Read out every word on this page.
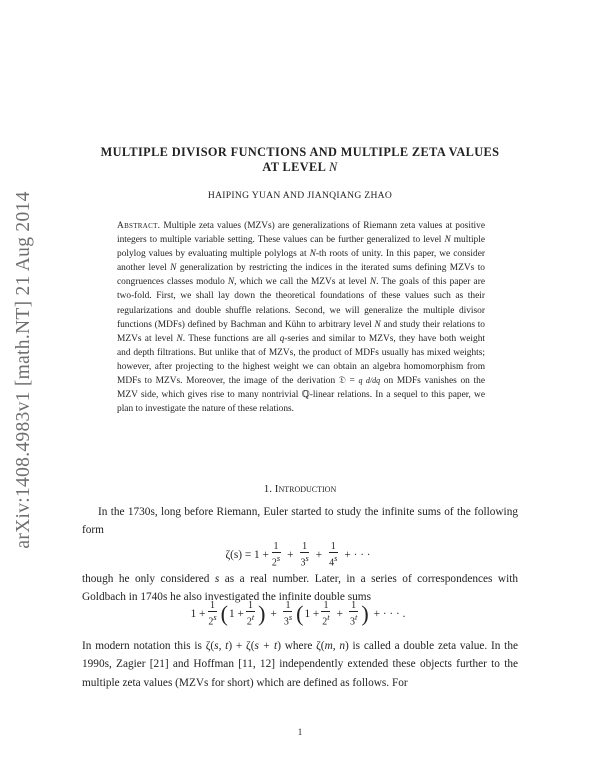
arXiv:1408.4983v1 [math.NT] 21 Aug 2014
MULTIPLE DIVISOR FUNCTIONS AND MULTIPLE ZETA VALUES
AT LEVEL N
HAIPING YUAN AND JIANQIANG ZHAO
Abstract. Multiple zeta values (MZVs) are generalizations of Riemann zeta values at positive integers to multiple variable setting. These values can be further generalized to level N multiple polylog values by evaluating multiple polylogs at N-th roots of unity. In this paper, we consider another level N generalization by restricting the indices in the iterated sums defining MZVs to congruences classes modulo N, which we call the MZVs at level N. The goals of this paper are two-fold. First, we shall lay down the theoretical foundations of these values such as their regularizations and double shuffle relations. Second, we will generalize the multiple divisor functions (MDFs) defined by Bachman and Kühn to arbitrary level N and study their relations to MZVs at level N. These functions are all q-series and similar to MZVs, they have both weight and depth filtrations. But unlike that of MZVs, the product of MDFs usually has mixed weights; however, after projecting to the highest weight we can obtain an algebra homomorphism from MDFs to MZVs. Moreover, the image of the derivation 𝔇 = q d/dq on MDFs vanishes on the MZV side, which gives rise to many nontrivial ℚ-linear relations. In a sequel to this paper, we plan to investigate the nature of these relations.
1. Introduction
In the 1730s, long before Riemann, Euler started to study the infinite sums of the following form
$\zeta(s) = 1 + \frac{1}{2^s} + \frac{1}{3^s} + \frac{1}{4^s}$ + · · ·
though he only considered s as a real number. Later, in a series of correspondences with Goldbach in 1740s he also investigated the infinite double sums
$1 + \frac{1}{2^s}$ ( $1 + \frac{1}{2^t}$ ) + $\frac{1}{3^s}$ ( $1 + \frac{1}{2^t} + \frac{1}{3^t}$ ) + · · · .
In modern notation this is ζ(s, t) + ζ(s + t) where ζ(m, n) is called a double zeta value. In the 1990s, Zagier [21] and Hoffman [11, 12] independently extended these objects further to the multiple zeta values (MZVs for short) which are defined as follows. For
1
